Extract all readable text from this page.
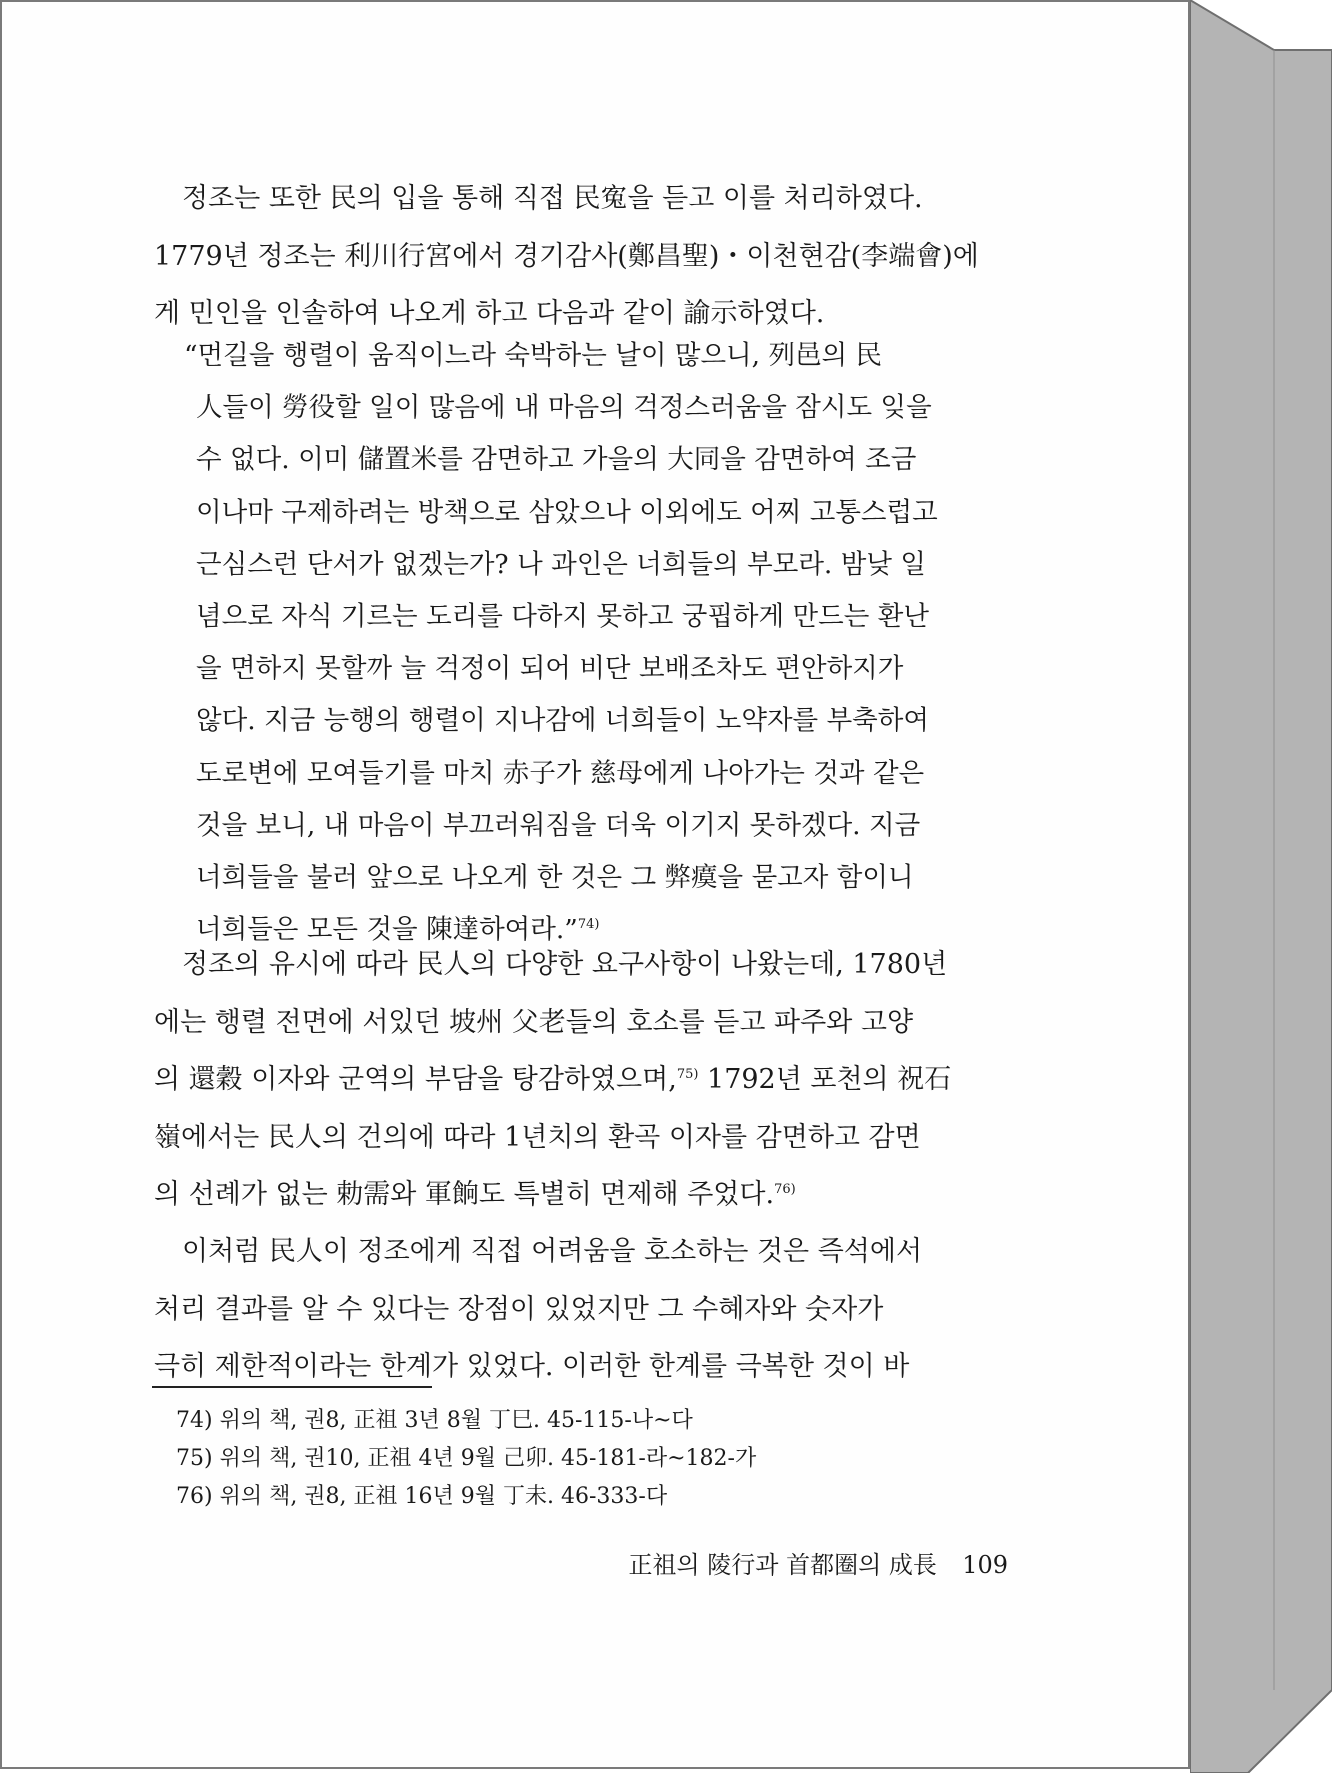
정조는 또한 民의 입을 통해 직접 民寃을 듣고 이를 처리하였다.
1779년 정조는 利川行宮에서 경기감사(鄭昌聖)・이천현감(李端會)에
게 민인을 인솔하여 나오게 하고 다음과 같이 諭示하였다.

“먼길을 행렬이 움직이느라 숙박하는 날이 많으니, 列邑의 民
人들이 勞役할 일이 많음에 내 마음의 걱정스러움을 잠시도 잊을
수 없다. 이미 儲置米를 감면하고 가을의 大同을 감면하여 조금
이나마 구제하려는 방책으로 삼았으나 이외에도 어찌 고통스럽고
근심스런 단서가 없겠는가? 나 과인은 너희들의 부모라. 밤낮 일
념으로 자식 기르는 도리를 다하지 못하고 궁핍하게 만드는 환난
을 면하지 못할까 늘 걱정이 되어 비단 보배조차도 편안하지가
않다. 지금 능행의 행렬이 지나감에 너희들이 노약자를 부축하여
도로변에 모여들기를 마치 赤子가 慈母에게 나아가는 것과 같은
것을 보니, 내 마음이 부끄러워짐을 더욱 이기지 못하겠다. 지금
너희들을 불러 앞으로 나오게 한 것은 그 弊瘼을 묻고자 함이니
너희들은 모든 것을 陳達하여라.”$^{74)}$

정조의 유시에 따라 民人의 다양한 요구사항이 나왔는데, 1780년
에는 행렬 전면에 서있던 坡州 父老들의 호소를 듣고 파주와 고양
의 還穀 이자와 군역의 부담을 탕감하였으며,$^{75)}$ 1792년 포천의 祝石
嶺에서는 民人의 건의에 따라 1년치의 환곡 이자를 감면하고 감면
의 선례가 없는 勅需와 軍餉도 특별히 면제해 주었다.$^{76)}$

이처럼 民人이 정조에게 직접 어려움을 호소하는 것은 즉석에서
처리 결과를 알 수 있다는 장점이 있었지만 그 수혜자와 숫자가
극히 제한적이라는 한계가 있었다. 이러한 한계를 극복한 것이 바

74) 위의 책, 권8, 正祖 3년 8월 丁巳. 45-115-나~다

75) 위의 책, 권10, 正祖 4년 9월 己卯. 45-181-라~182-가

76) 위의 책, 권8, 正祖 16년 9월 丁未. 46-333-다

正祖의 陵行과 首都圈의 成長 109
